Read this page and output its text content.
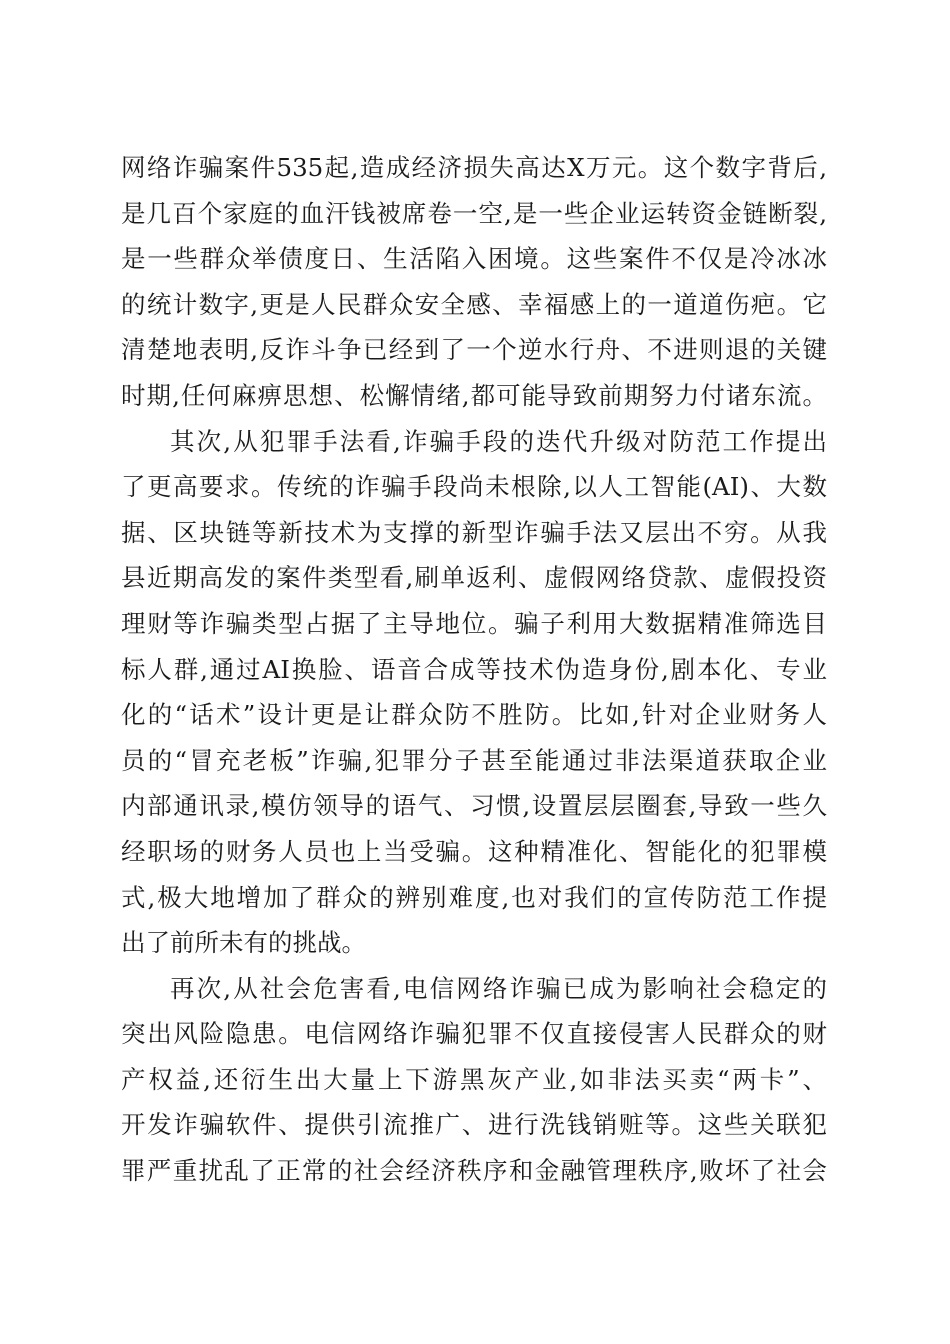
网络诈骗案件535起,造成经济损失高达X万元。这个数字背后,
是几百个家庭的血汗钱被席卷一空,是一些企业运转资金链断裂,
是一些群众举债度日、生活陷入困境。这些案件不仅是冷冰冰
的统计数字,更是人民群众安全感、幸福感上的一道道伤疤。它
清楚地表明,反诈斗争已经到了一个逆水行舟、不进则退的关键
时期,任何麻痹思想、松懈情绪,都可能导致前期努力付诸东流。
其次,从犯罪手法看,诈骗手段的迭代升级对防范工作提出
了更高要求。传统的诈骗手段尚未根除,以人工智能(AI)、大数
据、区块链等新技术为支撑的新型诈骗手法又层出不穷。从我
县近期高发的案件类型看,刷单返利、虚假网络贷款、虚假投资
理财等诈骗类型占据了主导地位。骗子利用大数据精准筛选目
标人群,通过AI换脸、语音合成等技术伪造身份,剧本化、专业
化的“话术”设计更是让群众防不胜防。比如,针对企业财务人
员的“冒充老板”诈骗,犯罪分子甚至能通过非法渠道获取企业
内部通讯录,模仿领导的语气、习惯,设置层层圈套,导致一些久
经职场的财务人员也上当受骗。这种精准化、智能化的犯罪模
式,极大地增加了群众的辨别难度,也对我们的宣传防范工作提
出了前所未有的挑战。
再次,从社会危害看,电信网络诈骗已成为影响社会稳定的
突出风险隐患。电信网络诈骗犯罪不仅直接侵害人民群众的财
产权益,还衍生出大量上下游黑灰产业,如非法买卖“两卡”、
开发诈骗软件、提供引流推广、进行洗钱销赃等。这些关联犯
罪严重扰乱了正常的社会经济秩序和金融管理秩序,败坏了社会
